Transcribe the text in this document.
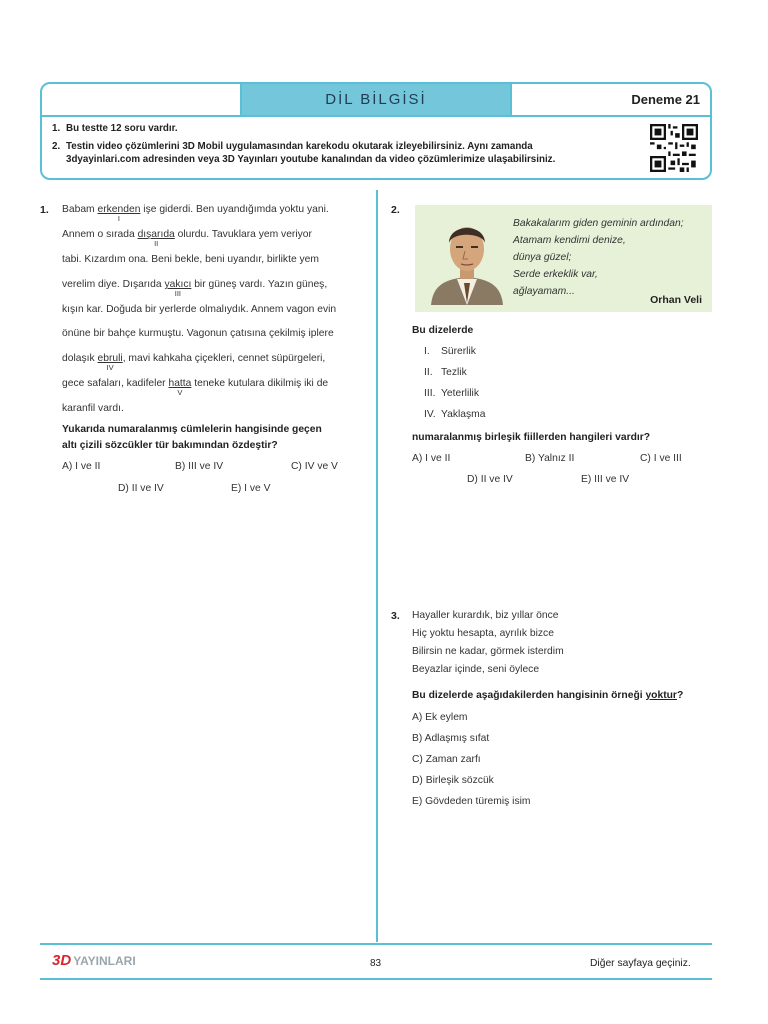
DİL BİLGİSİ	Deneme 21
1. Bu testte 12 soru vardır.
2. Testin video çözümlerini 3D Mobil uygulamasından karekodu okutarak izleyebilirsiniz. Aynı zamanda
3dyayinlari.com adresinden veya 3D Yayınları youtube kanalından da video çözümlerimize ulaşabilirsiniz.
1. Babam erkenden
I
işe giderdi. Ben uyandığımda yoktu yani.
Annem o sırada dışarıda
II
olurdu. Tavuklara yem veriyor
tabi. Kızardım ona. Beni bekle, beni uyandır, birlikte yem
verelim diye. Dışarıda yakıcı
III
bir güneş vardı. Yazın güneş,
kışın kar. Doğuda bir yerlerde olmalıydık. Annem vagon evin
önüne bir bahçe kurmuştu. Vagonun çatısına çekilmiş iplere
dolaşık ebruli
IV
, mavi kahkaha çiçekleri, cennet süpürgeleri,
gece safaları, kadifeler hatta
V
teneke kutulara dikilmiş iki de
karanfil vardı.
Yukarıda numaralanmış cümlelerin hangisinde geçen
altı çizili sözcükler tür bakımından özdeştir?
A) I ve II	B) III ve IV	C) IV ve V
D) II ve IV	E) I ve V
2.
Bakakalarım giden geminin ardından;
Atamam kendimi denize,
dünya güzel;
Serde erkeklik var,
ağlayamam...
Orhan Veli
Bu dizelerde
I. Sürerlik
II. Tezlik
III. Yeterlilik
IV. Yaklaşma
numaralanmış birleşik fiillerden hangileri vardır?
A) I ve II	B) Yalnız II	C) I ve III
D) II ve IV	E) III ve IV
3. Hayaller kurardık, biz yıllar önce
Hiç yoktu hesapta, ayrılık bizce
Bilirsin ne kadar, görmek isterdim
Beyazlar içinde, seni öylece
Bu dizelerde aşağıdakilerden hangisinin örneği yoktur?
A) Ek eylem
B) Adlaşmış sıfat
C) Zaman zarfı
D) Birleşik sözcük
E) Gövdeden türemiş isim
3D YAYINLARI	83	Diğer sayfaya geçiniz.
